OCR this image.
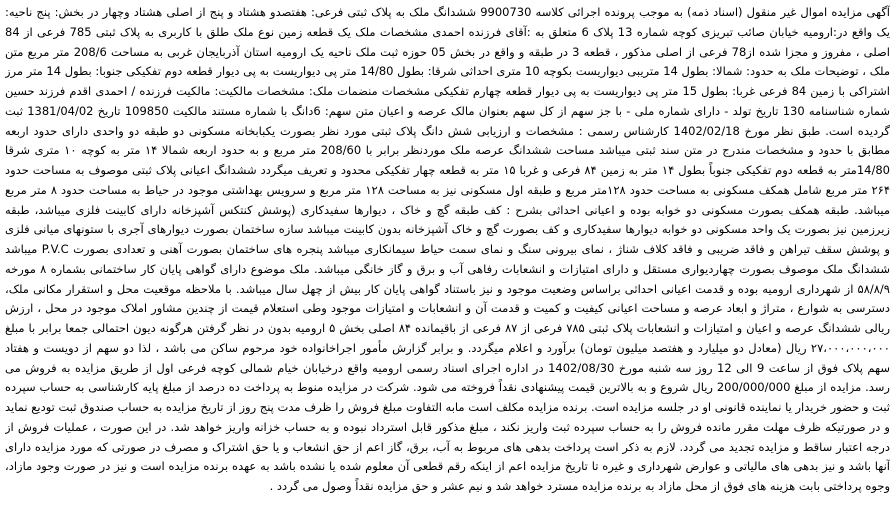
آگهی مزایده اموال غیر منقول (اسناد ذمه) به موجب پرونده اجرائی کلاسه 9900730 ششدانگ ملک به پلاک ثبتی فرعی: هفتصدو هشتاد و پنج از اصلی هشتاد وچهار در بخش: پنج ناحیه: یک واقع در:ارومیه خیابان صائب تبریزی کوچه شماره 13 پلاک 6 متعلق به :آقای فرزنده احمدی مشخصات ملک یک قطعه زمین نوع ملک طلق با کاربری به پلاک ثبتی 785 فرعی از 84 اصلی ، مفروز و مجزا شده از78 فرعی از اصلی مذکور ، قطعه 3 در طبقه و واقع در بخش 05 حوزه ثبت ملک ناحیه یک ارومیه استان آذربایجان غربی به مساحت 208/6 متر مربع متن ملک ، توضیحات ملک به حدود: شمالا: بطول 14 متریبی دیواریست بکوچه 10 متری احداثی شرقا: بطول 14/80 متر پی دیواریست به پی دیوار قطعه دوم تفکیکی جنوبا: بطول 14 متر مرز اشتراکی با زمین 84 فرعی غربا: بطول 15 متر پی دیواریست به پی دیوار قطعه چهارم تفکیکی مشخصات منضمات ملک: مشخصات مالکیت: مالکیت فرزنده / احمدی اقدم فرزند حسین شماره شناسنامه 130 تاریخ تولد - دارای شماره ملی - با جز سهم از کل سهم بعنوان مالک عرصه و اعیان متن سهم: 6دانگ با شماره مستند مالکیت 109850 تاریخ 1381/04/02 ثبت گردیده است. طبق نظر مورخ 1402/02/18 کارشناس رسمی : مشخصات و ارزیابی شش دانگ پلاک ثبتی مورد نظر بصورت یکبابخانه مسکونی دو طبقه دو واحدی دارای حدود اربعه مطابق با حدود و مشخصات مندرج در متن سند ثبتی میباشد مساحت ششدانگ عرصه ملک موردنظر برابر با 208/60 متر مربع و به حدود اربعه شمالا ۱۴ متر به کوچه ۱۰ متری شرقا 14/80متر به قطعه دوم تفکیکی جنوباً بطول ۱۴ متر به زمین ۸۴ فرعی و غربا ۱۵ متر به قطعه چهار تفکیکی محدود و تعریف میگردد ششدانگ اعیانی پلاک ثبتی موصوف به مساحت حدود ۲۶۴ متر مربع شامل همکف مسکونی به مساحت حدود ۱۲۸متر مربع و طبقه اول مسکونی نیز به مساحت ۱۲۸ متر مربع و سرویس بهداشتی موجود در حیاط به مساحت حدود ۸ متر مربع میباشد. طبقه همکف بصورت مسکونی دو خوابه بوده و اعیانی احداثی بشرح : کف طبقه گچ و خاک ، دیوارها سفیدکاری (پوشش کنتکس آشپزخانه دارای کابینت فلزی میباشد، طبقه زیرزمین نیز بصورت یک واحد مسکونی دو خوابه دیوارها سفیدکاری و کف بصورت گچ و خاک آشپزخانه بدون کابینت میباشد سازه ساختمان بصورت دیوارهای آجری با ستونهای میانی فلزی و پوشش سقف تیراهن و فاقد ضریبی و فاقد کلاف شناژ ، نمای بیرونی سنگ و نمای سمت حیاط سیمانکاری میباشد پنجره های ساختمان بصورت آهنی و تعدادی بصورت P.V.C میباشد ششدانگ ملک موصوف بصورت چهاردیواری مستقل و دارای امتیازات و انشعابات رفاهی آب و برق و گاز خانگی میباشد. ملک موضوع دارای گواهی پایان کار ساختمانی بشماره ۸ مورخه ۵۸/۸/۹ از شهرداری ارومیه بوده و قدمت اعیانی احداثی براساس وضعیت موجود و نیز باستناد گواهی پایان کار بیش از چهل سال میباشد. با ملاحظه موقعیت محل و استقرار مکانی ملک، دسترسی به شوارع ، متراژ و ابعاد عرصه و مساحت اعیانی کیفیت و کمیت و قدمت آن و انشعابات و امتیازات موجود وطی استعلام قیمت از چندین مشاور املاک موجود در محل ، ارزش ریالی ششدانگ عرصه و اعیان و امتیازات و انشعابات پلاک ثبتی ۷۸۵ فرعی از ۸۷ فرعی از باقیمانده ۸۴ اصلی بخش ۵ ارومیه بدون در نظر گرفتن هرگونه دیون احتمالی جمعا برابر با مبلغ ۲۷،۰۰۰،۰۰۰،۰۰۰ ریال (معادل دو میلیارد و هفتصد میلیون تومان) برآورد و اعلام میگردد. و برابر گزارش مأمور اجرا‌خانواده خود مرحوم ساکن می باشد ، لذا دو سهم از دویست و هفتاد سهم پلاک فوق از ساعت 9 الی 12 روز سه شنبه مورخ 1402/08/30 در اداره اجرای اسناد رسمی ارومیه واقع درخیابان خیام شمالی کوچه فرعی اول از طریق مزایده به فروش می رسد. مزایده از مبلغ 200/000/000 ریال شروع و به بالاترین قیمت پیشنهادی نقداً فروخته می شود. شرکت در مزایده منوط به پرداخت ده درصد از مبلغ پایه کارشناسی به حساب سپرده ثبت و حضور خریدار یا نماینده قانونی او در جلسه مزایده است. برنده مزایده مکلف است مابه التفاوت مبلغ فروش را ظرف مدت پنج روز از تاریخ مزایده به حساب صندوق ثبت تودیع نماید و در صورتیکه ظرف مهلت مقرر مانده فروش را به حساب سپرده ثبت واریز نکند ، مبلغ مذکور قابل استرداد نبوده و به حساب خزانه واریز خواهد شد. در این صورت ، عملیات فروش از درجه اعتبار ساقط و مزایده تجدید می گردد. لازم به ذکر است پرداخت بدهی های مربوط به آب، برق، گاز اعم از حق انشعاب و یا حق اشتراک و مصرف در صورتی که مورد مزایده دارای آنها باشد و نیز بدهی های مالیاتی و عوارض شهرداری و غیره تا تاریخ مزایده اعم از اینکه رقم قطعی آن معلوم شده یا نشده باشد به عهده برنده مزایده است و نیز در صورت وجود مازاد، وجوه پرداختی بابت هزینه های فوق از محل مازاد به برنده مزایده مسترد خواهد شد و نیم عشر و حق مزایده نقداً وصول می گردد .
